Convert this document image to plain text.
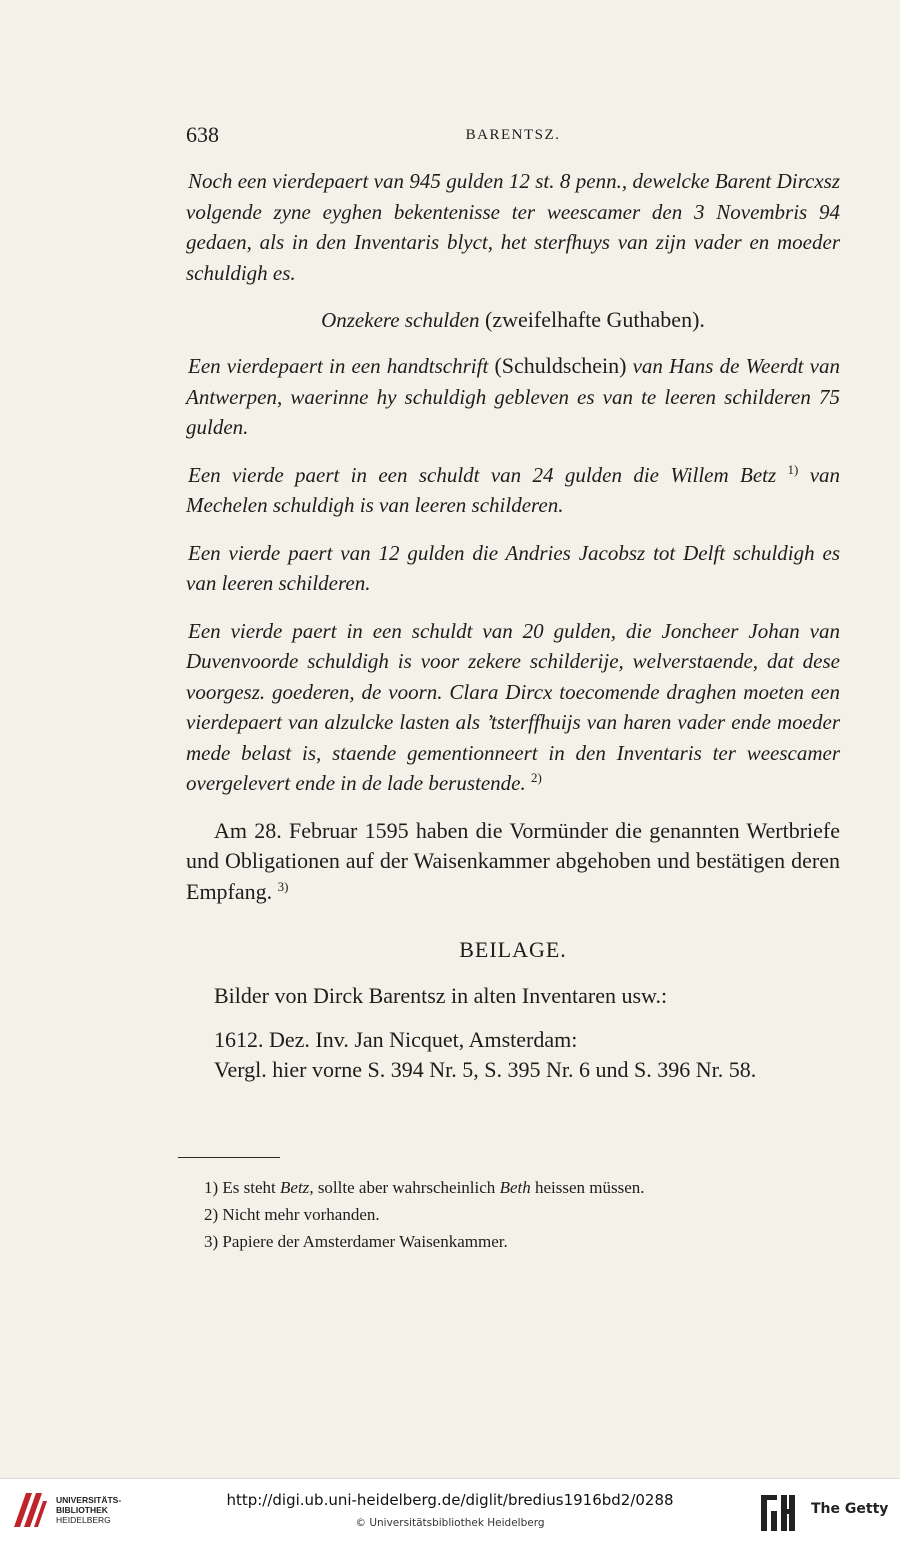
638	BARENTSZ.

Noch een vierdepaert van 945 gulden 12 st. 8 penn., dewelcke Barent Dircxsz volgende zyne eyghen bekentenisse ter weescamer den 3 Novembris 94 gedaen, als in den Inventaris blyct, het sterfhuys van zijn vader en moeder schuldigh es.

Onzekere schulden (zweifelhafte Guthaben).

Een vierdepaert in een handtschrift (Schuldschein) van Hans de Weerdt van Antwerpen, waerinne hy schuldigh gebleven es van te leeren schilderen 75 gulden.

Een vierde paert in een schuldt van 24 gulden die Willem Betz $^{1)}$ van Mechelen schuldigh is van leeren schilderen.

Een vierde paert van 12 gulden die Andries Jacobsz tot Delft schuldigh es van leeren schilderen.

Een vierde paert in een schuldt van 20 gulden, die Joncheer Johan van Duvenvoorde schuldigh is voor zekere schilderije, welverstaende, dat dese voorgesz. goederen, de voorn. Clara Dircx toecomende draghen moeten een vierdepaert van alzulcke lasten als ’tsterffhuijs van haren vader ende moeder mede belast is, staende gementionneert in den Inventaris ter weescamer overgelevert ende in de lade berustende. $^{2)}$

Am 28. Februar 1595 haben die Vormünder die genannten Wertbriefe und Obligationen auf der Waisenkammer abgehoben und bestätigen deren Empfang. $^{3)}$

BEILAGE.
Bilder von Dirck Barentsz in alten Inventaren usw.:
1612. Dez. Inv. Jan Nicquet, Amsterdam:
Vergl. hier vorne S. 394 Nr. 5, S. 395 Nr. 6 und S. 396 Nr. 58.
1) Es steht Betz, sollte aber wahrscheinlich Beth heissen müssen.
2) Nicht mehr vorhanden.
3) Papiere der Amsterdamer Waisenkammer.
UNIVERSITÄTS-
BIBLIOTHEK
HEIDELBERG
http://digi.ub.uni-heidelberg.de/diglit/bredius1916bd2/0288
© Universitätsbibliothek Heidelberg
The Getty
